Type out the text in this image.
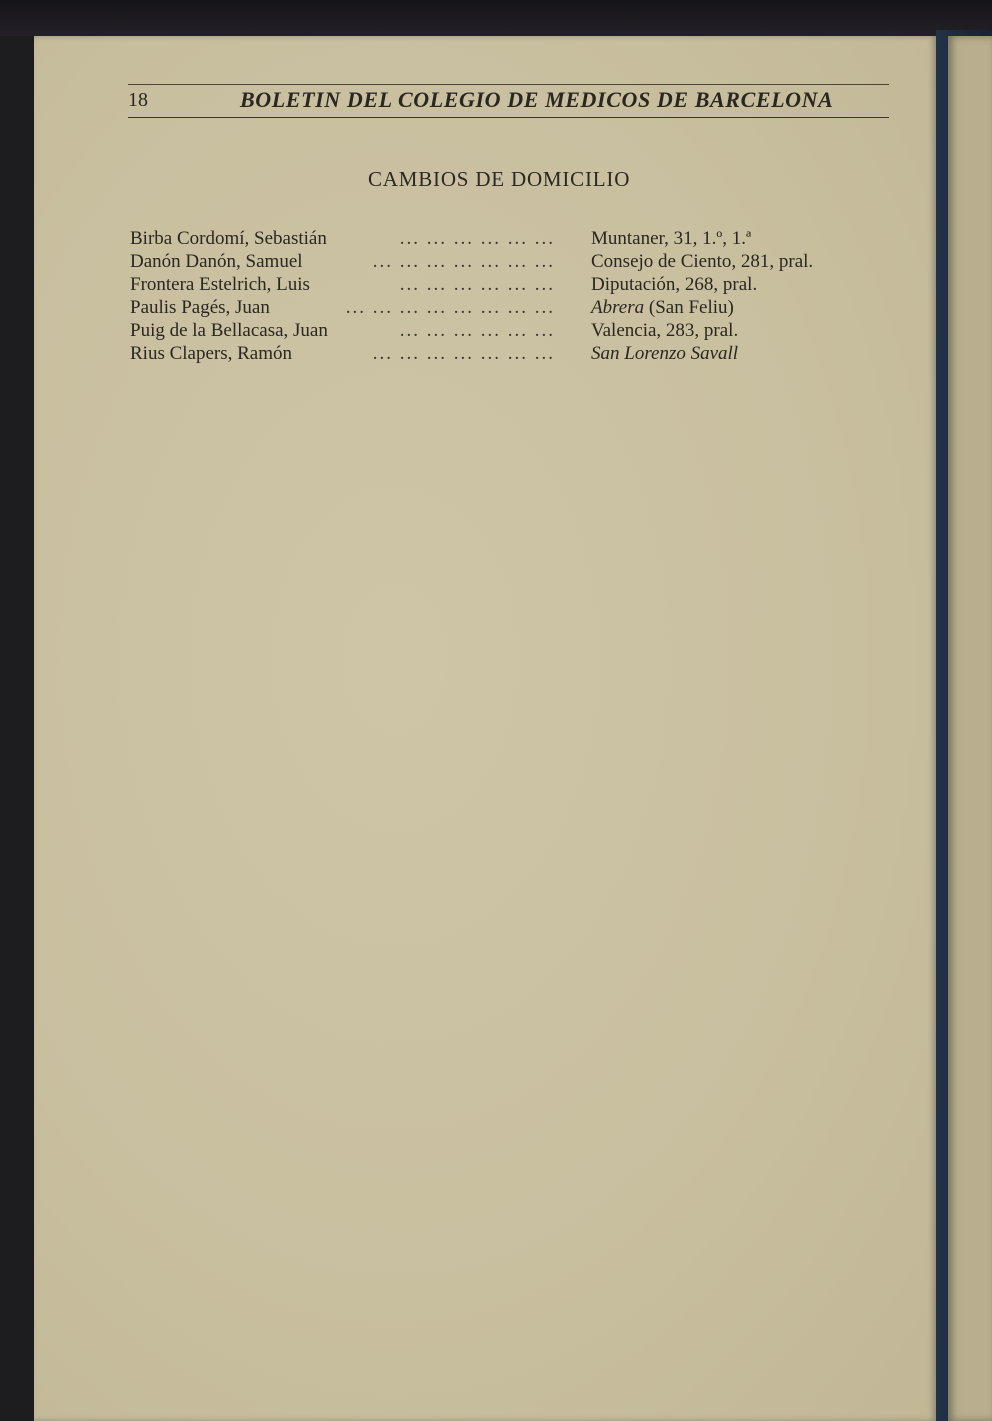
18	BOLETIN DEL COLEGIO DE MEDICOS DE BARCELONA
CAMBIOS DE DOMICILIO
Birba Cordomí, Sebastián	... ... ... ... ... ... Muntaner, 31, 1.º, 1.ª
Danón Danón, Samuel	... ... ... ... ... ... ... Consejo de Ciento, 281, pral.
Frontera Estelrich, Luis	... ... ... ... ... ... Diputación, 268, pral.
Paulis Pagés, Juan	... ... ... ... ... ... ... ... Abrera (San Feliu)
Puig de la Bellacasa, Juan	... ... ... ... ... ... Valencia, 283, pral.
Rius Clapers, Ramón	... ... ... ... ... ... ... San Lorenzo Savall
